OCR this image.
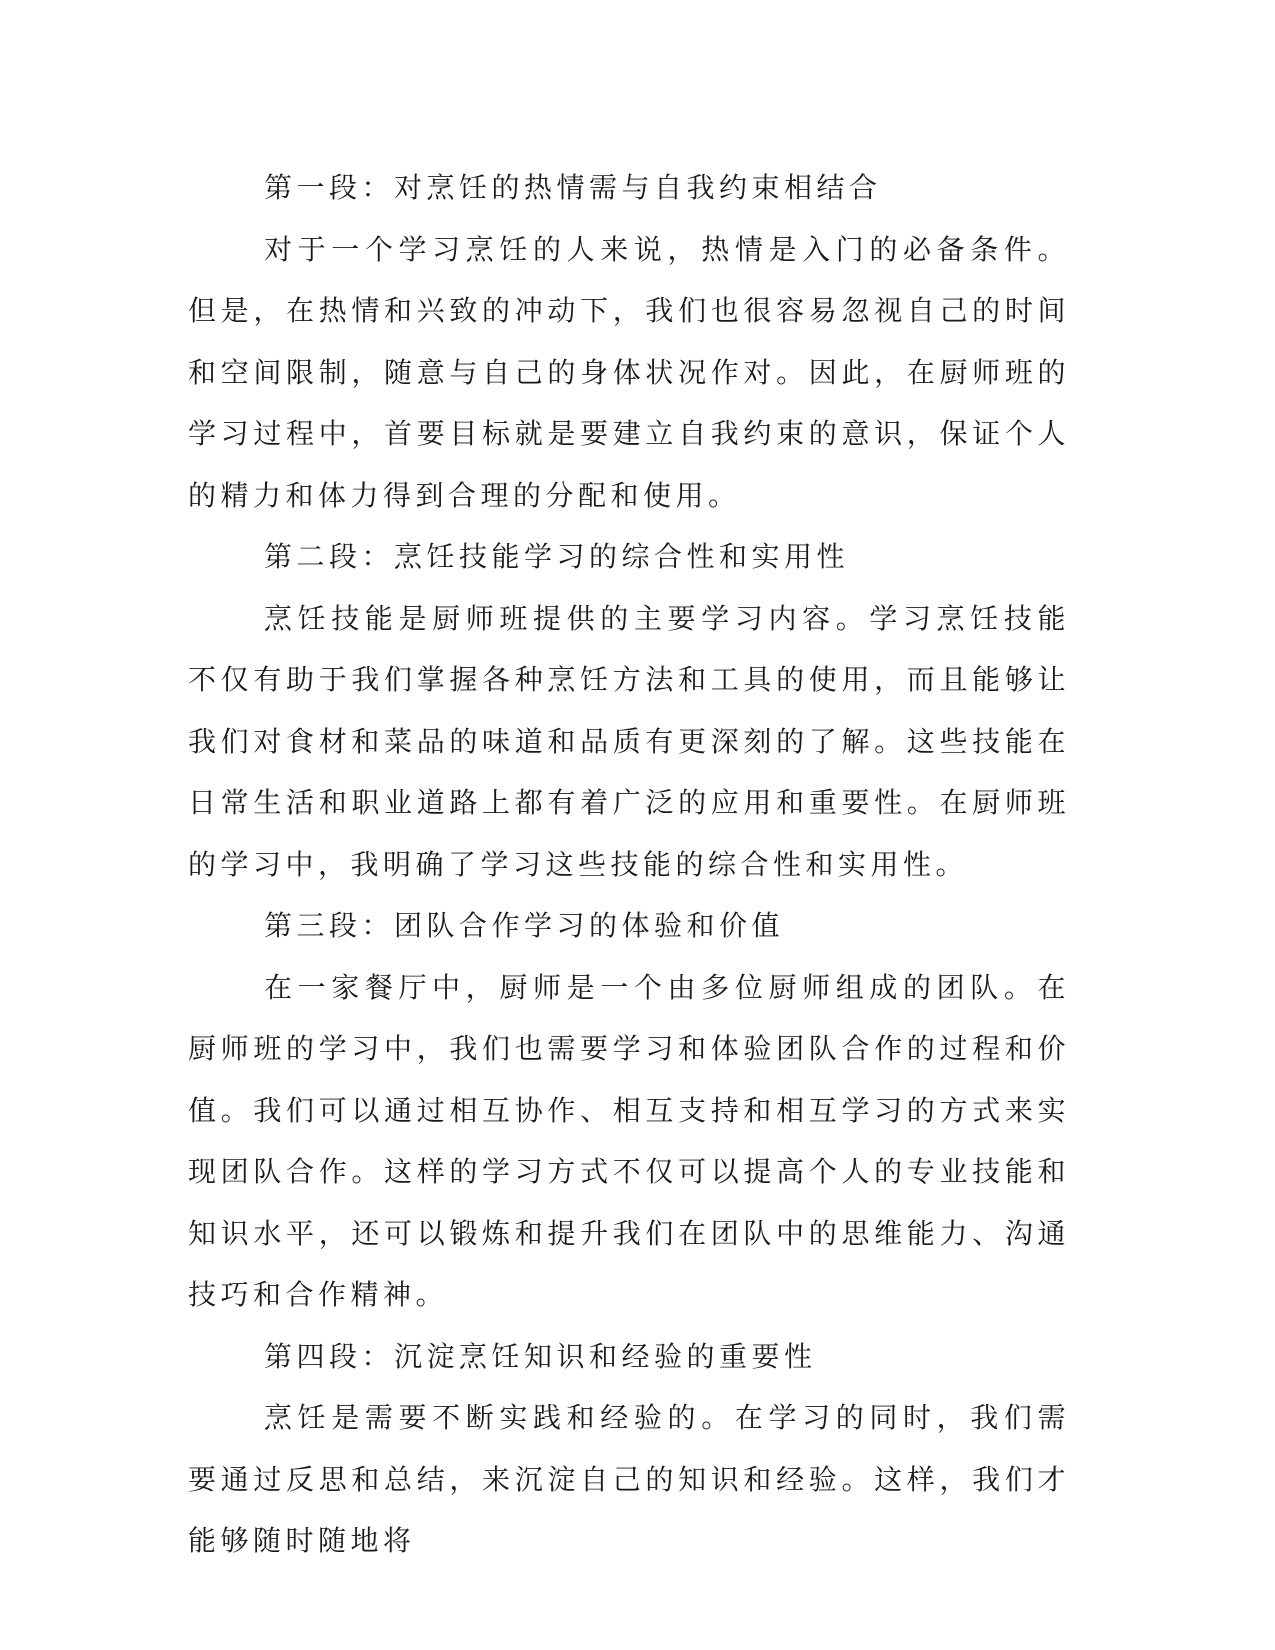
第一段：对烹饪的热情需与自我约束相结合

对于一个学习烹饪的人来说，热情是入门的必备条件。但是，在热情和兴致的冲动下，我们也很容易忽视自己的时间和空间限制，随意与自己的身体状况作对。因此，在厨师班的学习过程中，首要目标就是要建立自我约束的意识，保证个人的精力和体力得到合理的分配和使用。

第二段：烹饪技能学习的综合性和实用性

烹饪技能是厨师班提供的主要学习内容。学习烹饪技能不仅有助于我们掌握各种烹饪方法和工具的使用，而且能够让我们对食材和菜品的味道和品质有更深刻的了解。这些技能在日常生活和职业道路上都有着广泛的应用和重要性。在厨师班的学习中，我明确了学习这些技能的综合性和实用性。

第三段：团队合作学习的体验和价值

在一家餐厅中，厨师是一个由多位厨师组成的团队。在厨师班的学习中，我们也需要学习和体验团队合作的过程和价值。我们可以通过相互协作、相互支持和相互学习的方式来实现团队合作。这样的学习方式不仅可以提高个人的专业技能和知识水平，还可以锻炼和提升我们在团队中的思维能力、沟通技巧和合作精神。

第四段：沉淀烹饪知识和经验的重要性

烹饪是需要不断实践和经验的。在学习的同时，我们需要通过反思和总结，来沉淀自己的知识和经验。这样，我们才能够随时随地将
